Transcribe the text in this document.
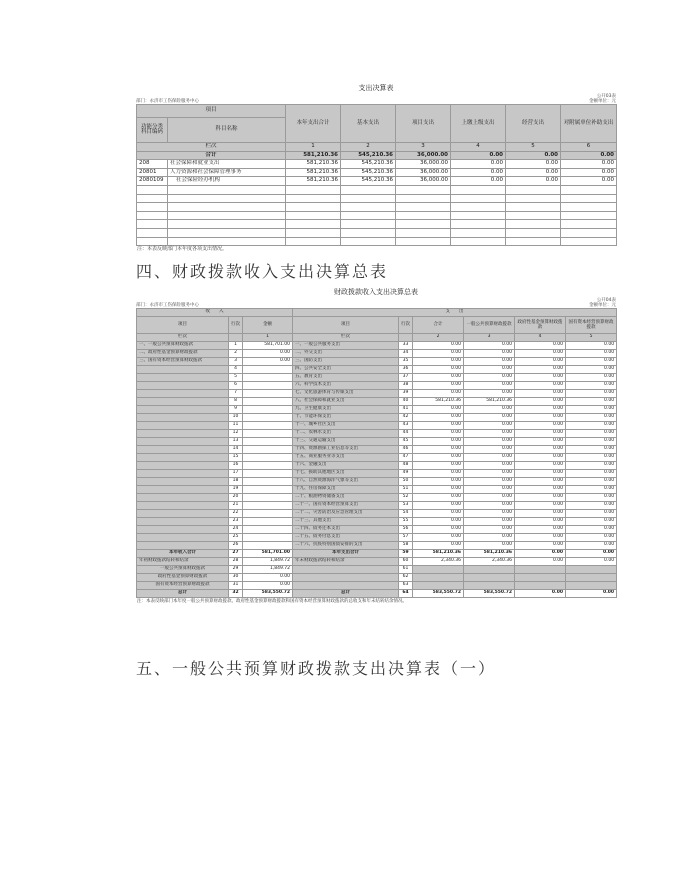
支出决算表
公开03表
部门：永济市工伤保险服务中心	金额单位：元
项目		本年支出合计	基本支出	项目支出	上缴上级支出	经营支出	对附属单位补助支出
功能分类科目编码	科目名称						
栏次		1	2	3	4	5	6
合计		581,210.36	545,210.36	36,000.00	0.00	0.00	0.00
208	社会保障和就业支出	581,210.36	545,210.36	36,000.00	0.00	0.00	0.00
20801	人力资源和社会保障管理事务	581,210.36	545,210.36	36,000.00	0.00	0.00	0.00
2080109	社会保险经办机构	581,210.36	545,210.36	36,000.00	0.00	0.00	0.00

注：本表反映部门本年度各项支出情况。
四、财政拨款收入支出决算总表
财政拨款收入支出决算总表
公开04表
部门：永济市工伤保险服务中心	金额单位：元
收　　入			支　　出					
项目	行次	金额	项目	行次	合计	一般公共预算财政拨款	政府性基金预算财政拨款	国有资本经营预算财政拨款
栏次		1	栏次		2	3	4	5
一、一般公共预算财政拨款	1	581,701.00	一、一般公共服务支出	33	0.00	0.00	0.00	0.00
二、政府性基金预算财政拨款	2	0.00	二、外交支出	34	0.00	0.00	0.00	0.00
三、国有资本经营预算财政拨款	3	0.00	三、国防支出	35	0.00	0.00	0.00	0.00
	4		四、公共安全支出	36	0.00	0.00	0.00	0.00
	5		五、教育支出	37	0.00	0.00	0.00	0.00
	6		六、科学技术支出	38	0.00	0.00	0.00	0.00
	7		七、文化旅游体育与传媒支出	39	0.00	0.00	0.00	0.00
	8		八、社会保障和就业支出	40	581,210.36	581,210.36	0.00	0.00
	9		九、卫生健康支出	41	0.00	0.00	0.00	0.00
	10		十、节能环保支出	42	0.00	0.00	0.00	0.00
	11		十一、城乡社区支出	43	0.00	0.00	0.00	0.00
	12		十二、农林水支出	44	0.00	0.00	0.00	0.00
	13		十三、交通运输支出	45	0.00	0.00	0.00	0.00
	14		十四、资源勘探工业信息等支出	46	0.00	0.00	0.00	0.00
	15		十五、商业服务业等支出	47	0.00	0.00	0.00	0.00
	16		十六、金融支出	48	0.00	0.00	0.00	0.00
	17		十七、援助其他地区支出	49	0.00	0.00	0.00	0.00
	18		十八、自然资源海洋气象等支出	50	0.00	0.00	0.00	0.00
	19		十九、住房保障支出	51	0.00	0.00	0.00	0.00
	20		二十、粮油物资储备支出	52	0.00	0.00	0.00	0.00
	21		二十一、国有资本经营预算支出	53	0.00	0.00	0.00	0.00
	22		二十二、灾害防治及应急管理支出	54	0.00	0.00	0.00	0.00
	23		二十三、其他支出	55	0.00	0.00	0.00	0.00
	24		二十四、债务还本支出	56	0.00	0.00	0.00	0.00
	25		二十五、债务付息支出	57	0.00	0.00	0.00	0.00
	26		二十六、抗疫特别国债安排的支出	58	0.00	0.00	0.00	0.00
本年收入合计	27	581,701.00	本年支出合计	59	581,210.36	581,210.36	0.00	0.00
年初财政拨款结转和结余	28	1,849.72	年末财政拨款结转和结余	60	2,340.36	2,340.36	0.00	0.00
一般公共预算财政拨款	29	1,849.72		61				
政府性基金预算财政拨款	30	0.00		62				
国有资本经营预算财政拨款	31	0.00		63				
总计	32	583,550.72	总计	64	583,550.72	583,550.72	0.00	0.00
注：本表反映部门本年度一般公共预算财政拨款、政府性基金预算财政拨款和国有资本经营预算财政拨款的总收支和年末结转结余情况。
五、一般公共预算财政拨款支出决算表（一）
